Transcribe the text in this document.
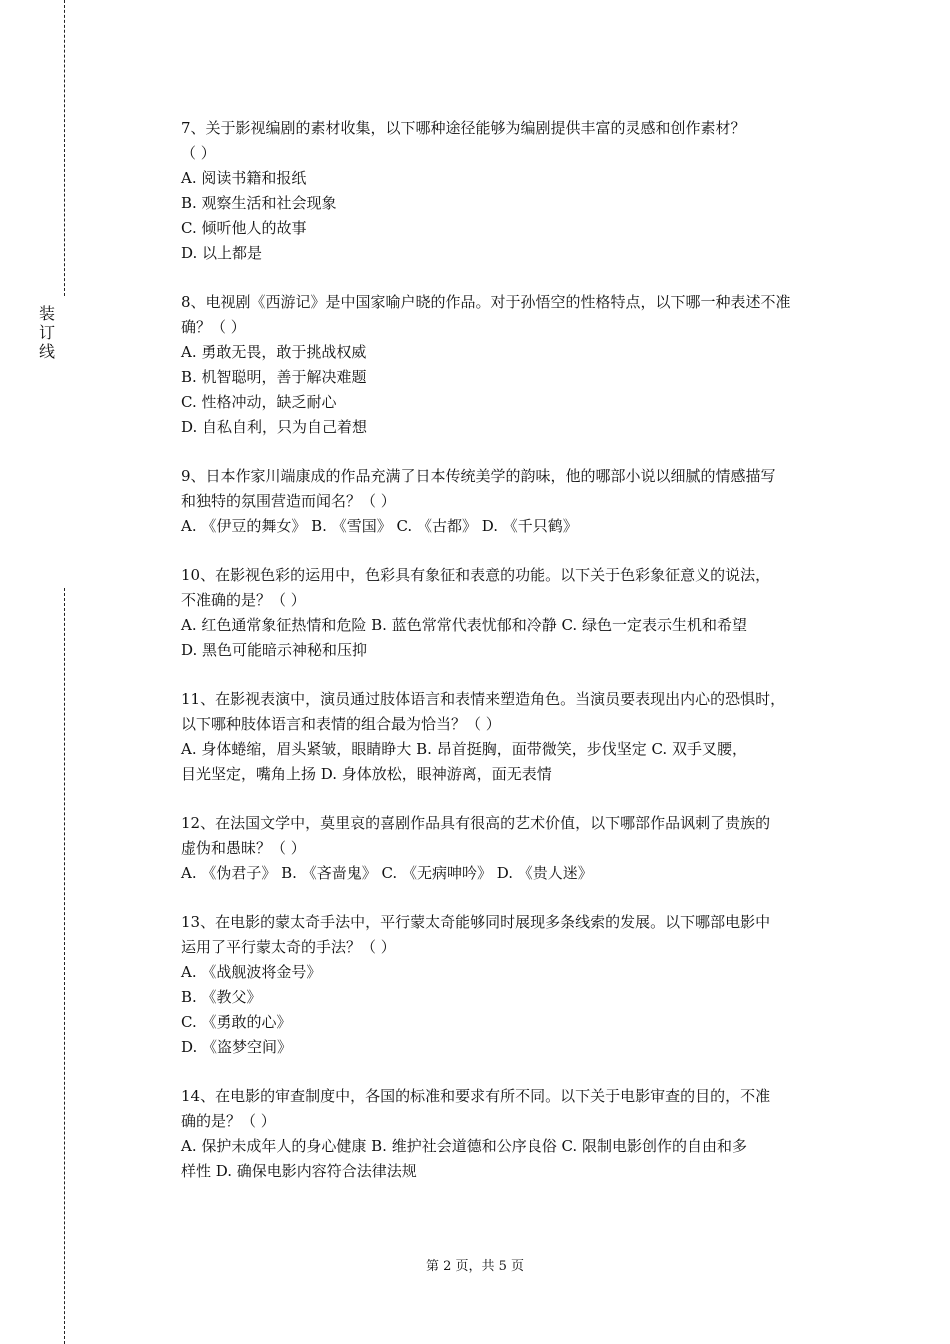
装
订
线
7、关于影视编剧的素材收集，以下哪种途径能够为编剧提供丰富的灵感和创作素材？
（ ）
A. 阅读书籍和报纸
B. 观察生活和社会现象
C. 倾听他人的故事
D. 以上都是
8、电视剧《西游记》是中国家喻户晓的作品。对于孙悟空的性格特点，以下哪一种表述不准
确？（ ）
A. 勇敢无畏，敢于挑战权威
B. 机智聪明，善于解决难题
C. 性格冲动，缺乏耐心
D. 自私自利，只为自己着想
9、日本作家川端康成的作品充满了日本传统美学的韵味，他的哪部小说以细腻的情感描写
和独特的氛围营造而闻名？（ ）
A. 《伊豆的舞女》 B. 《雪国》 C. 《古都》 D. 《千只鹤》
10、在影视色彩的运用中，色彩具有象征和表意的功能。以下关于色彩象征意义的说法，
不准确的是？（ ）
A. 红色通常象征热情和危险 B. 蓝色常常代表忧郁和冷静 C. 绿色一定表示生机和希望
D. 黑色可能暗示神秘和压抑
11、在影视表演中，演员通过肢体语言和表情来塑造角色。当演员要表现出内心的恐惧时，
以下哪种肢体语言和表情的组合最为恰当？（ ）
A. 身体蜷缩，眉头紧皱，眼睛睁大 B. 昂首挺胸，面带微笑，步伐坚定 C. 双手叉腰，
目光坚定，嘴角上扬 D. 身体放松，眼神游离，面无表情
12、在法国文学中，莫里哀的喜剧作品具有很高的艺术价值，以下哪部作品讽刺了贵族的
虚伪和愚昧？（ ）
A. 《伪君子》 B. 《吝啬鬼》 C. 《无病呻吟》 D. 《贵人迷》
13、在电影的蒙太奇手法中，平行蒙太奇能够同时展现多条线索的发展。以下哪部电影中
运用了平行蒙太奇的手法？（ ）
A. 《战舰波将金号》
B. 《教父》
C. 《勇敢的心》
D. 《盗梦空间》
14、在电影的审查制度中，各国的标准和要求有所不同。以下关于电影审查的目的，不准
确的是？（ ）
A. 保护未成年人的身心健康 B. 维护社会道德和公序良俗 C. 限制电影创作的自由和多
样性 D. 确保电影内容符合法律法规
第 2 页，共 5 页
